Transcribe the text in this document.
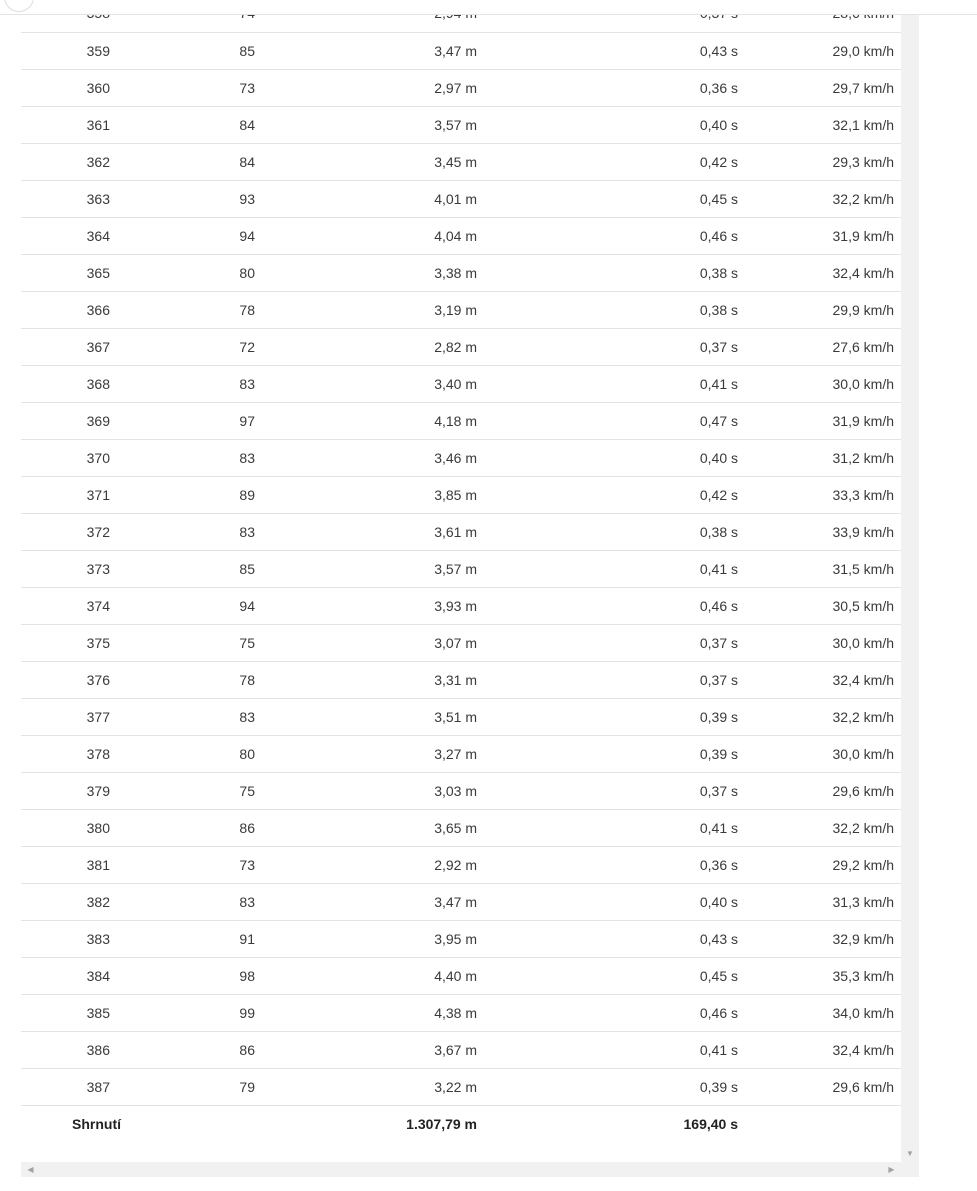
359	85	3,47 m	0,43 s	29,0 km/h
360	73	2,97 m	0,36 s	29,7 km/h
361	84	3,57 m	0,40 s	32,1 km/h
362	84	3,45 m	0,42 s	29,3 km/h
363	93	4,01 m	0,45 s	32,2 km/h
364	94	4,04 m	0,46 s	31,9 km/h
365	80	3,38 m	0,38 s	32,4 km/h
366	78	3,19 m	0,38 s	29,9 km/h
367	72	2,82 m	0,37 s	27,6 km/h
368	83	3,40 m	0,41 s	30,0 km/h
369	97	4,18 m	0,47 s	31,9 km/h
370	83	3,46 m	0,40 s	31,2 km/h
371	89	3,85 m	0,42 s	33,3 km/h
372	83	3,61 m	0,38 s	33,9 km/h
373	85	3,57 m	0,41 s	31,5 km/h
374	94	3,93 m	0,46 s	30,5 km/h
375	75	3,07 m	0,37 s	30,0 km/h
376	78	3,31 m	0,37 s	32,4 km/h
377	83	3,51 m	0,39 s	32,2 km/h
378	80	3,27 m	0,39 s	30,0 km/h
379	75	3,03 m	0,37 s	29,6 km/h
380	86	3,65 m	0,41 s	32,2 km/h
381	73	2,92 m	0,36 s	29,2 km/h
382	83	3,47 m	0,40 s	31,3 km/h
383	91	3,95 m	0,43 s	32,9 km/h
384	98	4,40 m	0,45 s	35,3 km/h
385	99	4,38 m	0,46 s	34,0 km/h
386	86	3,67 m	0,41 s	32,4 km/h
387	79	3,22 m	0,39 s	29,6 km/h
Shrnutí		1.307,79 m	169,40 s	
▼
◀	▶
